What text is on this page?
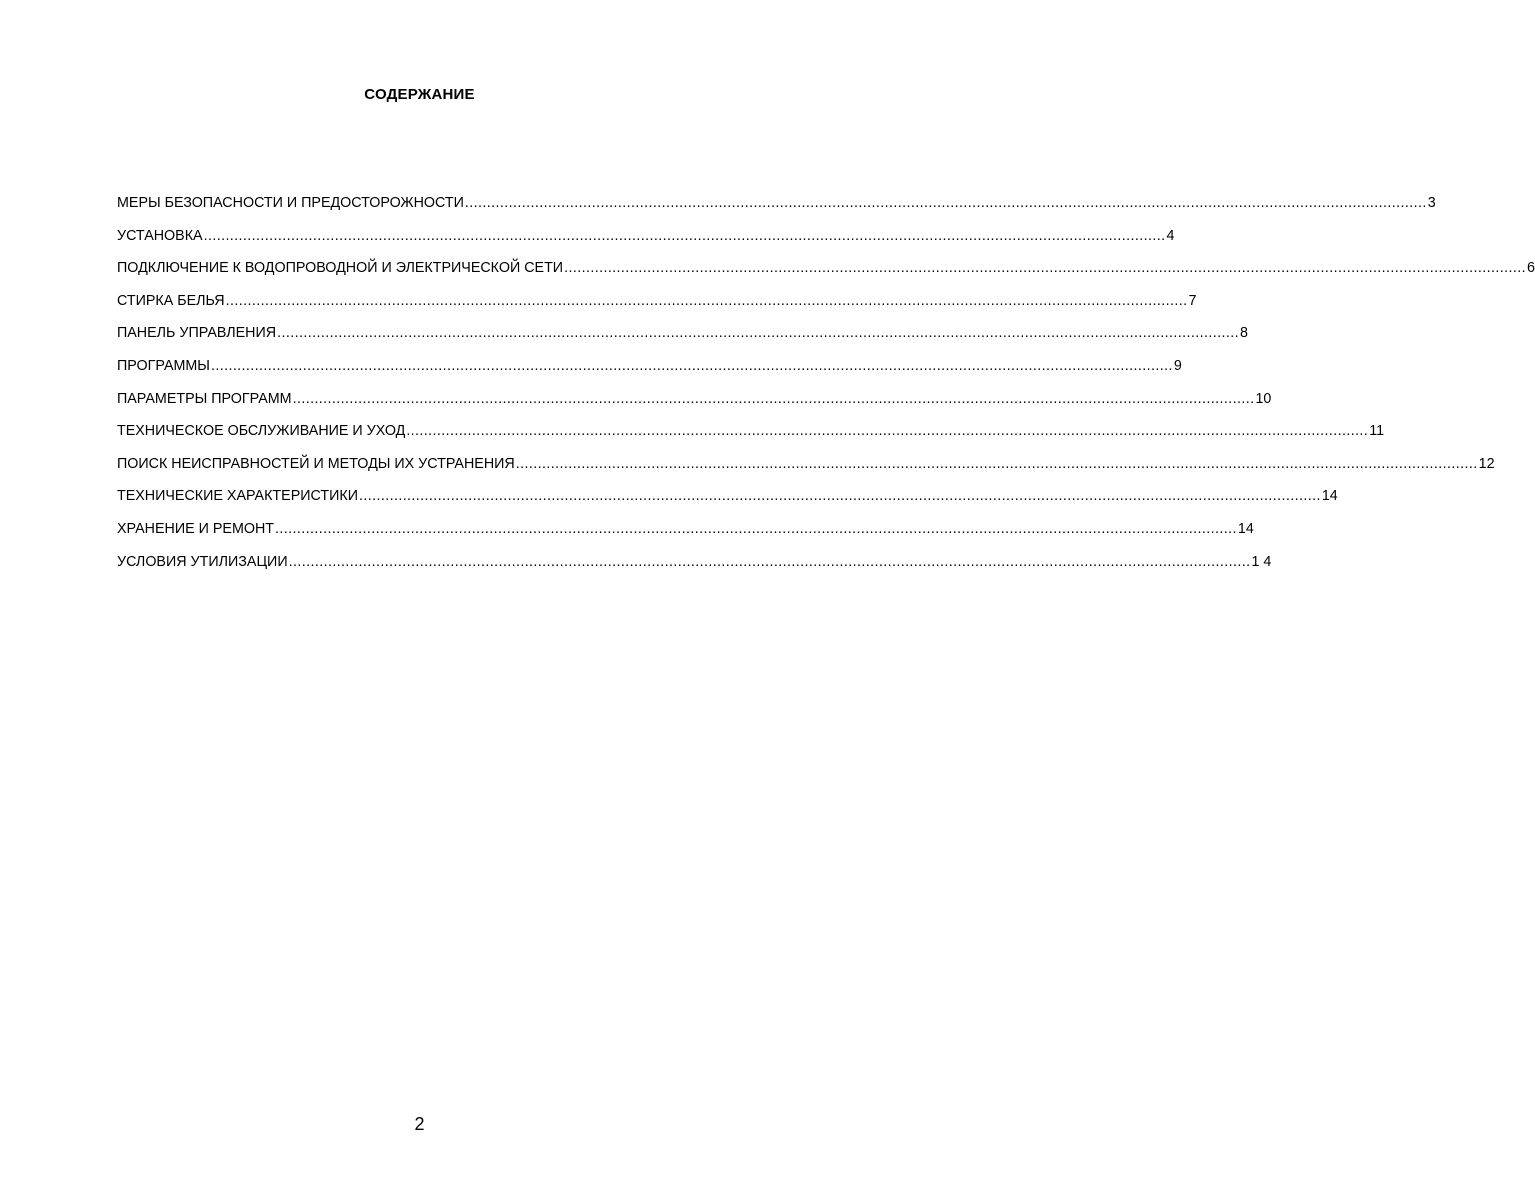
СОДЕРЖАНИЕ
МЕРЫ БЕЗОПАСНОСТИ И ПРЕДОСТОРОЖНОСТИ ............................................................................................................................................................................................................................ 3
УСТАНОВКА ............................................................................................................................................................................................................................ 4
ПОДКЛЮЧЕНИЕ К ВОДОПРОВОДНОЙ И ЭЛЕКТРИЧЕСКОЙ СЕТИ ............................................................................................................................................................................................................................ 6
СТИРКА БЕЛЬЯ ............................................................................................................................................................................................................................ 7
ПАНЕЛЬ УПРАВЛЕНИЯ ............................................................................................................................................................................................................................ 8
ПРОГРАММЫ ............................................................................................................................................................................................................................ 9
ПАРАМЕТРЫ ПРОГРАММ ............................................................................................................................................................................................................................ 10
ТЕХНИЧЕСКОЕ ОБСЛУЖИВАНИЕ И УХОД ............................................................................................................................................................................................................................ 11
ПОИСК НЕИСПРАВНОСТЕЙ И МЕТОДЫ ИХ УСТРАНЕНИЯ ............................................................................................................................................................................................................................ 12
ТЕХНИЧЕСКИЕ ХАРАКТЕРИСТИКИ ............................................................................................................................................................................................................................ 14
ХРАНЕНИЕ И РЕМОНТ ............................................................................................................................................................................................................................ 14
УСЛОВИЯ УТИЛИЗАЦИИ ............................................................................................................................................................................................................................ 1 4
2
